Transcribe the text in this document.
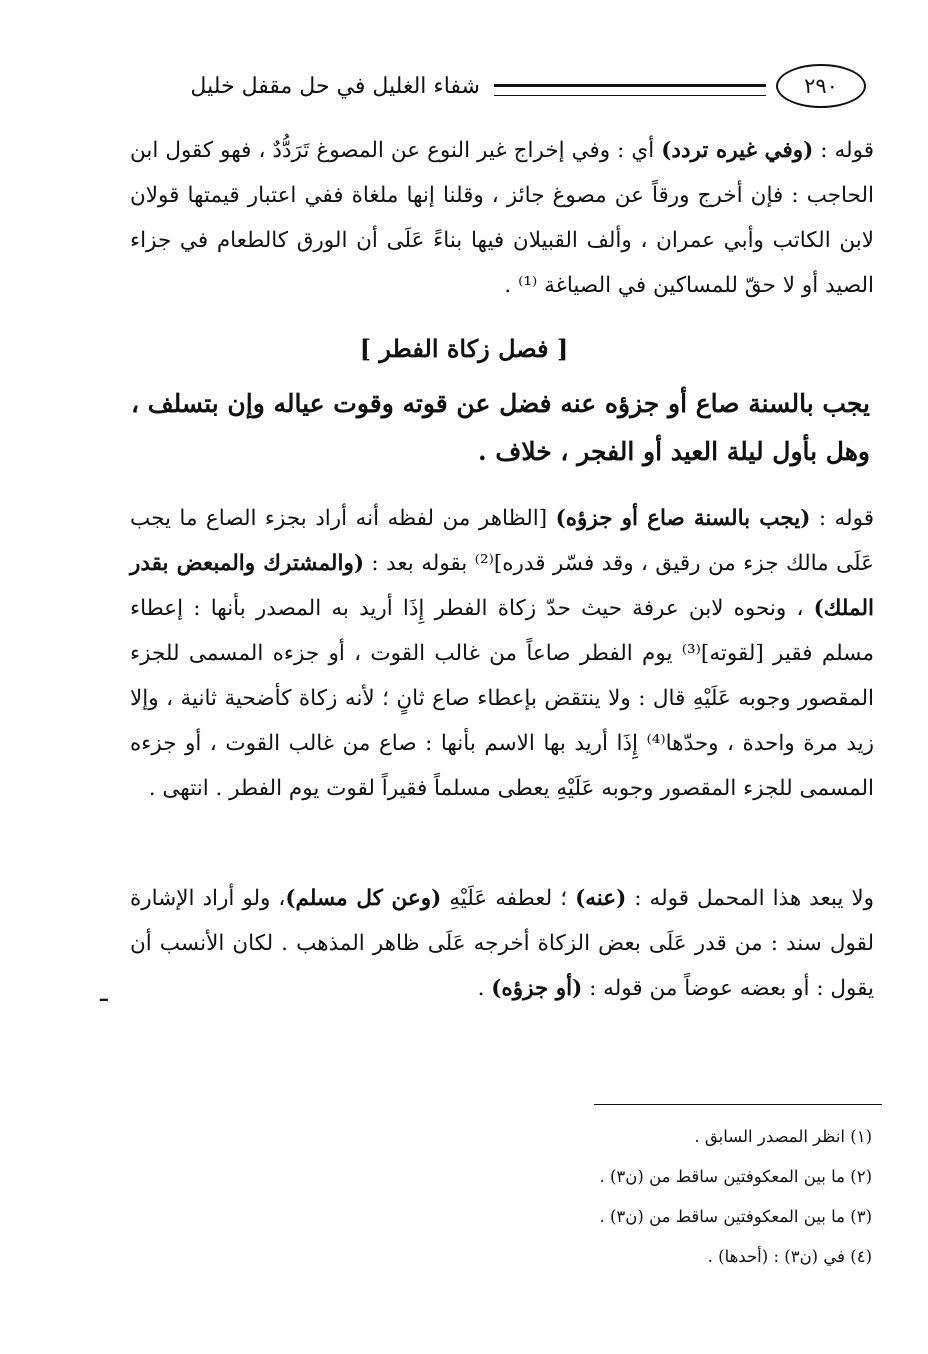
٢٩٠
شفاء الغليل في حل مقفل خليل
قوله : (وفي غيره تردد) أي : وفي إخراج غير النوع عن المصوغ تَرَدُّدٌ ، فهو كقول ابن الحاجب : فإن أخرج ورقاً عن مصوغ جائز ، وقلنا إنها ملغاة ففي اعتبار قيمتها قولان لابن الكاتب وأبي عمران ، وألف القبيلان فيها بناءً عَلَى أن الورق كالطعام في جزاء الصيد أو لا حقّ للمساكين في الصياغة ⁽¹⁾ .
[ فصل زكاة الفطر ]
يجب بالسنة صاع أو جزؤه عنه فضل عن قوته وقوت عياله وإن بتسلف ، وهل بأول ليلة العيد أو الفجر ، خلاف .
قوله : (يجب بالسنة صاع أو جزؤه) [الظاهر من لفظه أنه أراد بجزء الصاع ما يجب عَلَى مالك جزء من رقيق ، وقد فسّر قدره]⁽²⁾ بقوله بعد : (والمشترك والمبعض بقدر الملك) ، ونحوه لابن عرفة حيث حدّ زكاة الفطر إِذَا أريد به المصدر بأنها : إعطاء مسلم فقير [لقوته]⁽³⁾ يوم الفطر صاعاً من غالب القوت ، أو جزءه المسمى للجزء المقصور وجوبه عَلَيْهِ قال : ولا ينتقض بإعطاء صاع ثانٍ ؛ لأنه زكاة كأضحية ثانية ، وإلا زيد مرة واحدة ، وحدّها⁽⁴⁾ إِذَا أريد بها الاسم بأنها : صاع من غالب القوت ، أو جزءه المسمى للجزء المقصور وجوبه عَلَيْهِ يعطى مسلماً فقيراً لقوت يوم الفطر . انتهى .
ولا يبعد هذا المحمل قوله : (عنه) ؛ لعطفه عَلَيْهِ (وعن كل مسلم)، ولو أراد الإشارة لقول سند : من قدر عَلَى بعض الزكاة أخرجه عَلَى ظاهر المذهب . لكان الأنسب أن يقول : أو بعضه عوضاً من قوله : (أو جزؤه) .
ـ
(١) انظر المصدر السابق .
(٢) ما بين المعكوفتين ساقط من (ن٣) .
(٣) ما بين المعكوفتين ساقط من (ن٣) .
(٤) في (ن٣) : (أحدها) .
